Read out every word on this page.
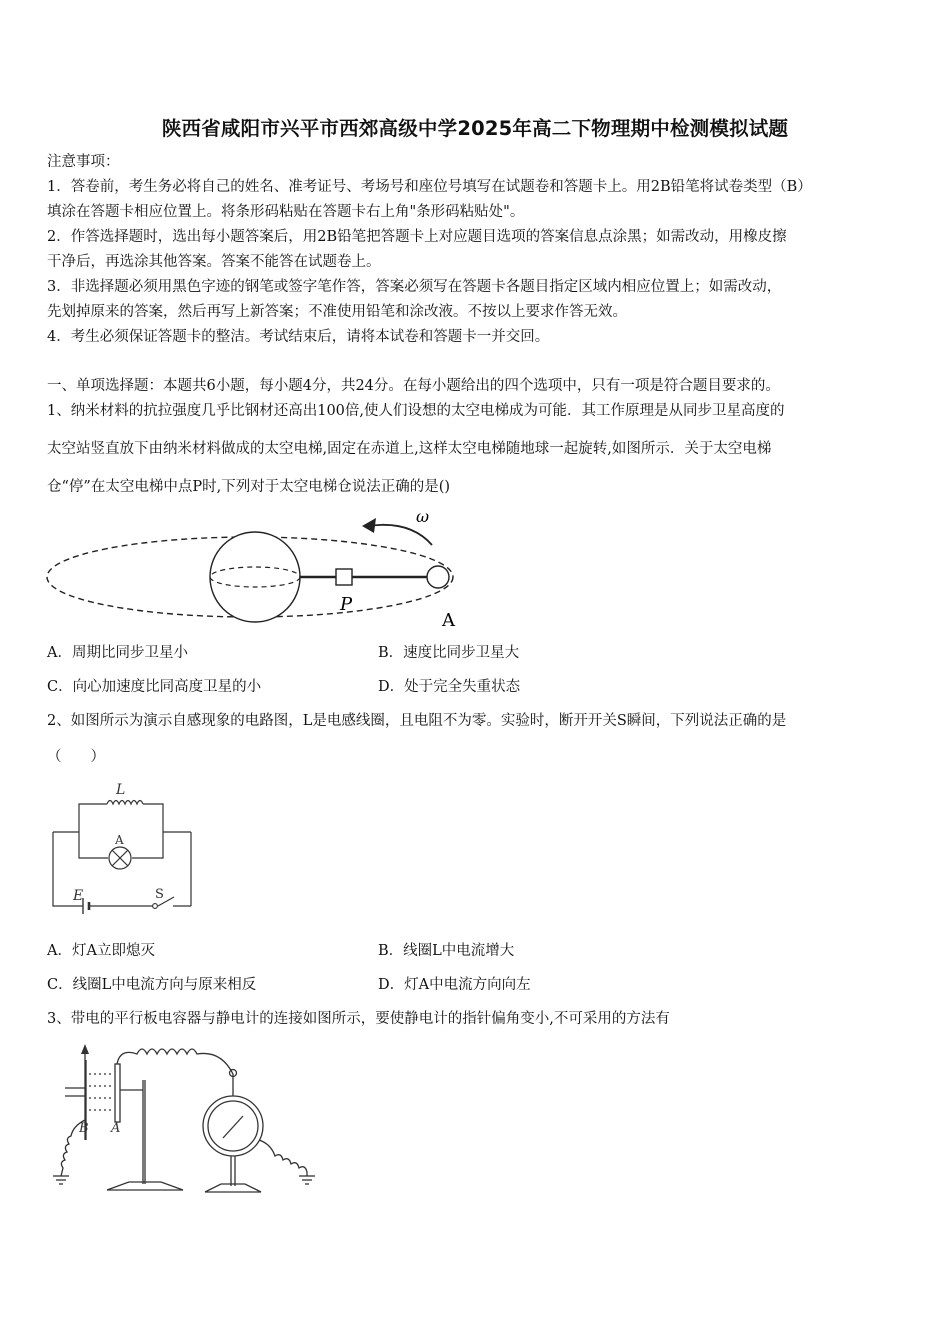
陕西省咸阳市兴平市西郊高级中学2025年高二下物理期中检测模拟试题
注意事项：
1．答卷前，考生务必将自己的姓名、准考证号、考场号和座位号填写在试题卷和答题卡上。用2B铅笔将试卷类型（B）
填涂在答题卡相应位置上。将条形码粘贴在答题卡右上角"条形码粘贴处"。
2．作答选择题时，选出每小题答案后，用2B铅笔把答题卡上对应题目选项的答案信息点涂黑；如需改动，用橡皮擦
干净后，再选涂其他答案。答案不能答在试题卷上。
3．非选择题必须用黑色字迹的钢笔或签字笔作答，答案必须写在答题卡各题目指定区域内相应位置上；如需改动，
先划掉原来的答案，然后再写上新答案；不准使用铅笔和涂改液。不按以上要求作答无效。
4．考生必须保证答题卡的整洁。考试结束后，请将本试卷和答题卡一并交回。
一、单项选择题：本题共6小题，每小题4分，共24分。在每小题给出的四个选项中，只有一项是符合题目要求的。
1、纳米材料的抗拉强度几乎比钢材还高出100倍,使人们设想的太空电梯成为可能．其工作原理是从同步卫星高度的
太空站竖直放下由纳米材料做成的太空电梯,固定在赤道上,这样太空电梯随地球一起旋转,如图所示．关于太空电梯
仓“停”在太空电梯中点P时,下列对于太空电梯仓说法正确的是()
ω
P
A
A．周期比同步卫星小	B．速度比同步卫星大
C．向心加速度比同高度卫星的小	D．处于完全失重状态
2、如图所示为演示自感现象的电路图，L是电感线圈，且电阻不为零。实验时，断开开关S瞬间，下列说法正确的是
（　　）
L
A
E	S
A．灯A立即熄灭	B．线圈L中电流增大
C．线圈L中电流方向与原来相反	D．灯A中电流方向向左
3、带电的平行板电容器与静电计的连接如图所示，要使静电计的指针偏角变小,不可采用的方法有
B A
